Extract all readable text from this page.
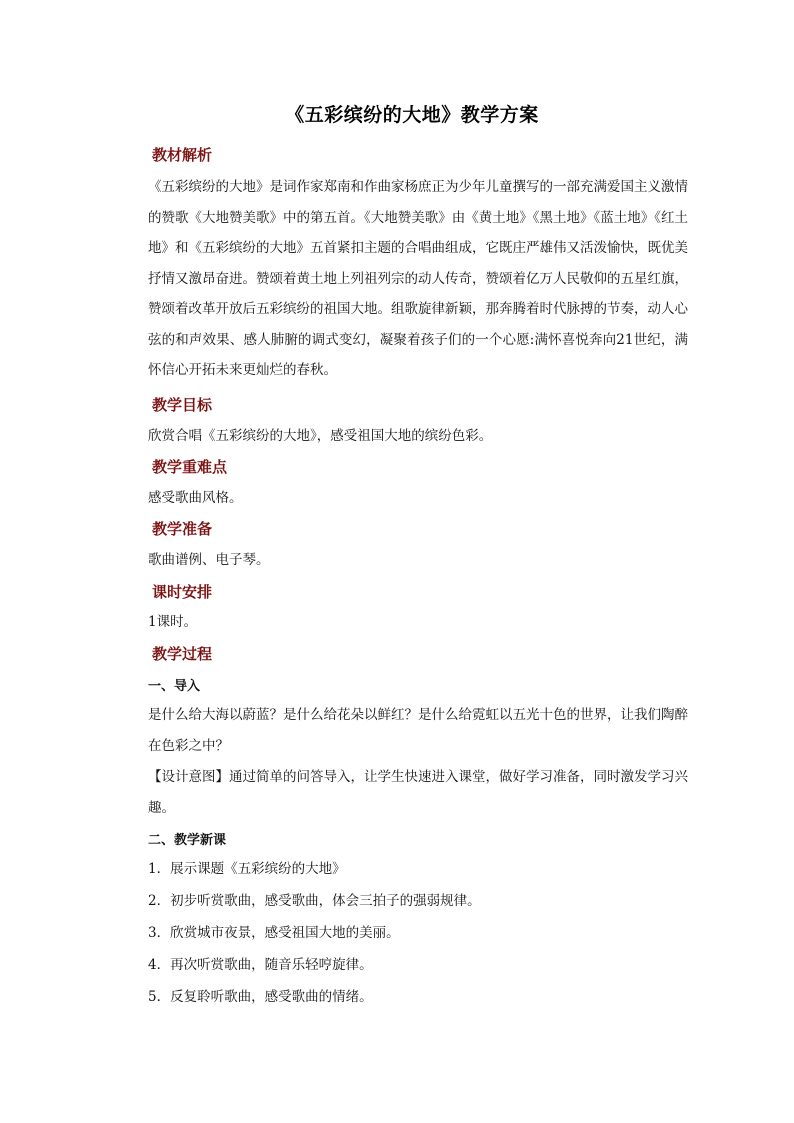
《五彩缤纷的大地》教学方案
教材解析
《五彩缤纷的大地》是词作家郑南和作曲家杨庶正为少年儿童撰写的一部充满爱国主义激情的赞歌《大地赞美歌》中的第五首。《大地赞美歌》由《黄土地》《黑土地》《蓝土地》《红土地》和《五彩缤纷的大地》五首紧扣主题的合唱曲组成，它既庄严雄伟又活泼愉快，既优美抒情又激昂奋进。赞颂着黄土地上列祖列宗的动人传奇，赞颂着亿万人民敬仰的五星红旗，赞颂着改革开放后五彩缤纷的祖国大地。组歌旋律新颖，那奔腾着时代脉搏的节奏，动人心弦的和声效果、感人肺腑的调式变幻，凝聚着孩子们的一个心愿:满怀喜悦奔向21世纪，满怀信心开拓未来更灿烂的春秋。
教学目标
欣赏合唱《五彩缤纷的大地》，感受祖国大地的缤纷色彩。
教学重难点
感受歌曲风格。
教学准备
歌曲谱例、电子琴。
课时安排
1课时。
教学过程
一、导入
是什么给大海以蔚蓝？是什么给花朵以鲜红？是什么给霓虹以五光十色的世界，让我们陶醉在色彩之中？
【设计意图】通过简单的问答导入，让学生快速进入课堂，做好学习准备，同时激发学习兴趣。
二、教学新课
1．展示课题《五彩缤纷的大地》
2．初步听赏歌曲，感受歌曲，体会三拍子的强弱规律。
3．欣赏城市夜景，感受祖国大地的美丽。
4．再次听赏歌曲，随音乐轻哼旋律。
5．反复聆听歌曲，感受歌曲的情绪。
